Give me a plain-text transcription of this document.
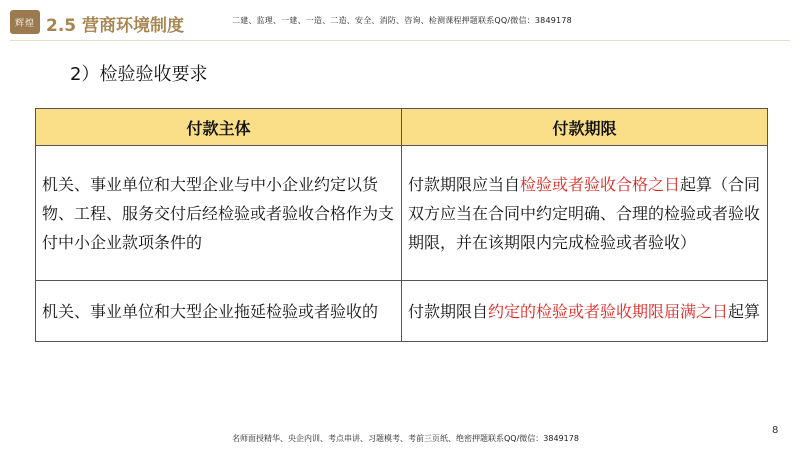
辉煌 2.5 营商环境制度	二建、监理、一建、一造、二造、安全、消防、咨询、检测课程押题联系QQ/微信：3849178
2）检验验收要求
付款主体	付款期限
机关、事业单位和大型企业与中小企业约定以货物、工程、服务交付后经检验或者验收合格作为支付中小企业款项条件的	付款期限应当自检验或者验收合格之日起算（合同双方应当在合同中约定明确、合理的检验或者验收期限，并在该期限内完成检验或者验收）
机关、事业单位和大型企业拖延检验或者验收的	付款期限自约定的检验或者验收期限届满之日起算
8
名师面授精华、央企内训、考点串讲、习题模考、考前三页纸、绝密押题联系QQ/微信：3849178
